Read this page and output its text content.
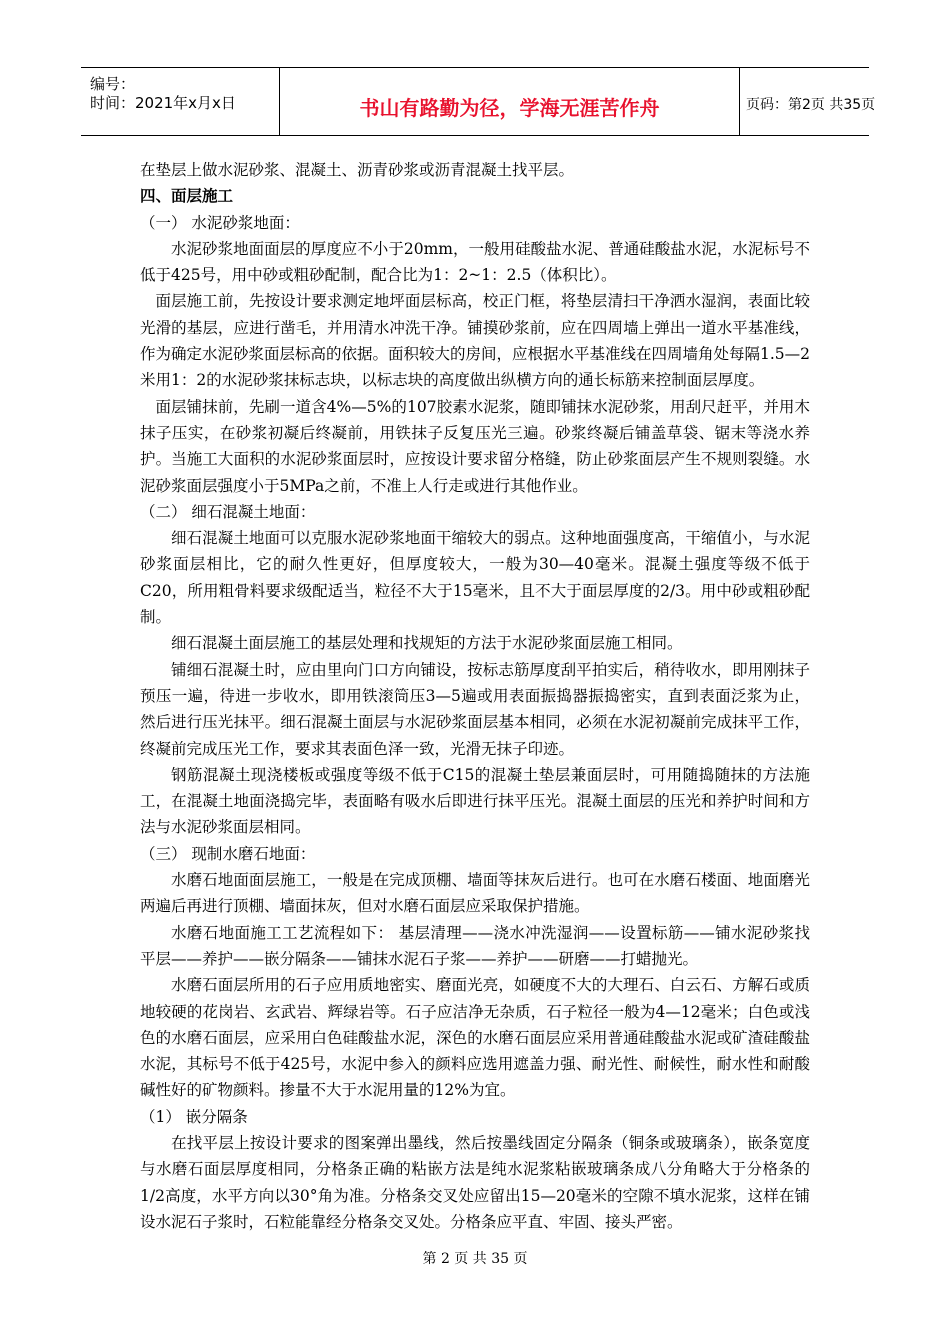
编号：
时间：2021年x月x日	书山有路勤为径，学海无涯苦作舟	页码：第2页 共35页

在垫层上做水泥砂浆、混凝土、沥青砂浆或沥青混凝土找平层。

四、面层施工

（一） 水泥砂浆地面：

水泥砂浆地面面层的厚度应不小于20mm，一般用硅酸盐水泥、普通硅酸盐水泥，水泥标号不低于425号，用中砂或粗砂配制，配合比为1：2~1：2.5（体积比）。

面层施工前，先按设计要求测定地坪面层标高，校正门框，将垫层清扫干净洒水湿润，表面比较光滑的基层，应进行凿毛，并用清水冲洗干净。铺摸砂浆前，应在四周墙上弹出一道水平基准线，作为确定水泥砂浆面层标高的依据。面积较大的房间，应根据水平基准线在四周墙角处每隔1.5—2米用1：2的水泥砂浆抹标志块，以标志块的高度做出纵横方向的通长标筋来控制面层厚度。

面层铺抹前，先刷一道含4%—5%的107胶素水泥浆，随即铺抹水泥砂浆，用刮尺赶平，并用木抹子压实，在砂浆初凝后终凝前，用铁抹子反复压光三遍。砂浆终凝后铺盖草袋、锯末等浇水养护。当施工大面积的水泥砂浆面层时，应按设计要求留分格缝，防止砂浆面层产生不规则裂缝。水泥砂浆面层强度小于5MPa之前，不准上人行走或进行其他作业。

（二） 细石混凝土地面：

细石混凝土地面可以克服水泥砂浆地面干缩较大的弱点。这种地面强度高，干缩值小，与水泥砂浆面层相比，它的耐久性更好，但厚度较大，一般为30—40毫米。混凝土强度等级不低于C20，所用粗骨料要求级配适当，粒径不大于15毫米，且不大于面层厚度的2/3。用中砂或粗砂配制。

细石混凝土面层施工的基层处理和找规矩的方法于水泥砂浆面层施工相同。

铺细石混凝土时，应由里向门口方向铺设，按标志筋厚度刮平拍实后，稍待收水，即用刚抹子预压一遍，待进一步收水，即用铁滚筒压3—5遍或用表面振捣器振捣密实，直到表面泛浆为止，然后进行压光抹平。细石混凝土面层与水泥砂浆面层基本相同，必须在水泥初凝前完成抹平工作，终凝前完成压光工作，要求其表面色泽一致，光滑无抹子印迹。

钢筋混凝土现浇楼板或强度等级不低于C15的混凝土垫层兼面层时，可用随捣随抹的方法施工，在混凝土地面浇捣完毕，表面略有吸水后即进行抹平压光。混凝土面层的压光和养护时间和方法与水泥砂浆面层相同。

（三） 现制水磨石地面：

水磨石地面面层施工，一般是在完成顶棚、墙面等抹灰后进行。也可在水磨石楼面、地面磨光两遍后再进行顶棚、墙面抹灰，但对水磨石面层应采取保护措施。

水磨石地面施工工艺流程如下： 基层清理——浇水冲洗湿润——设置标筋——铺水泥砂浆找平层——养护——嵌分隔条——铺抹水泥石子浆——养护——研磨——打蜡抛光。

水磨石面层所用的石子应用质地密实、磨面光亮，如硬度不大的大理石、白云石、方解石或质地较硬的花岗岩、玄武岩、辉绿岩等。石子应洁净无杂质，石子粒径一般为4—12毫米；白色或浅色的水磨石面层，应采用白色硅酸盐水泥，深色的水磨石面层应采用普通硅酸盐水泥或矿渣硅酸盐水泥，其标号不低于425号，水泥中参入的颜料应选用遮盖力强、耐光性、耐候性，耐水性和耐酸碱性好的矿物颜料。掺量不大于水泥用量的12%为宜。

（1） 嵌分隔条

在找平层上按设计要求的图案弹出墨线，然后按墨线固定分隔条（铜条或玻璃条），嵌条宽度与水磨石面层厚度相同，分格条正确的粘嵌方法是纯水泥浆粘嵌玻璃条成八分角略大于分格条的1/2高度，水平方向以30°角为准。分格条交叉处应留出15—20毫米的空隙不填水泥浆，这样在铺设水泥石子浆时，石粒能靠经分格条交叉处。分格条应平直、牢固、接头严密。

第 2 页 共 35 页
